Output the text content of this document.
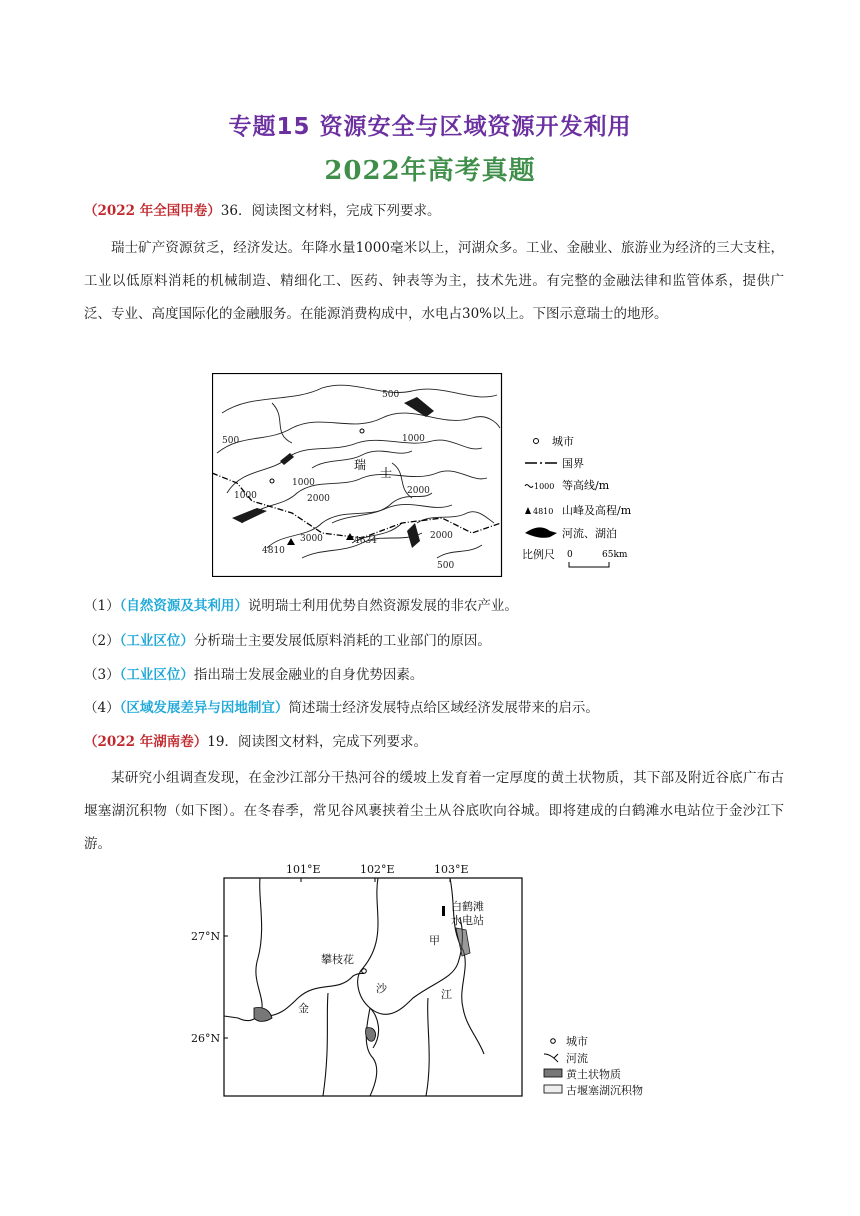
专题15 资源安全与区域资源开发利用
2022年高考真题
（2022 年全国甲卷）36．阅读图文材料，完成下列要求。
瑞士矿产资源贫乏，经济发达。年降水量1000毫米以上，河湖众多。工业、金融业、旅游业为经济的三大支柱，工业以低原料消耗的机械制造、精细化工、医药、钟表等为主，技术先进。有完整的金融法律和监管体系，提供广泛、专业、高度国际化的金融服务。在能源消费构成中，水电占30%以上。下图示意瑞士的地形。
500
500
500
1000
1000
1000	2000
2000
2000
3000
4810
4634
瑞
士
城市
国界
1000 等高线/m
4810 山峰及高程/m
河流、湖泊
比例尺 0	65km
（1）（自然资源及其利用）说明瑞士利用优势自然资源发展的非农产业。
（2）（工业区位）分析瑞士主要发展低原料消耗的工业部门的原因。
（3）（工业区位）指出瑞士发展金融业的自身优势因素。
（4）（区域发展差异与因地制宜）简述瑞士经济发展特点给区域经济发展带来的启示。
（2022 年湖南卷）19．阅读图文材料，完成下列要求。
某研究小组调查发现，在金沙江部分干热河谷的缓坡上发育着一定厚度的黄土状物质，其下部及附近谷底广布古堰塞湖沉积物（如下图）。在冬春季，常见谷风裹挟着尘土从谷底吹向谷城。即将建成的白鹤滩水电站位于金沙江下游。
101°E	102°E	103°E
27°N
26°N
白鹤滩
水电站
甲
攀枝花
金
沙	江
城市
河流
黄土状物质
古堰塞湖沉积物
